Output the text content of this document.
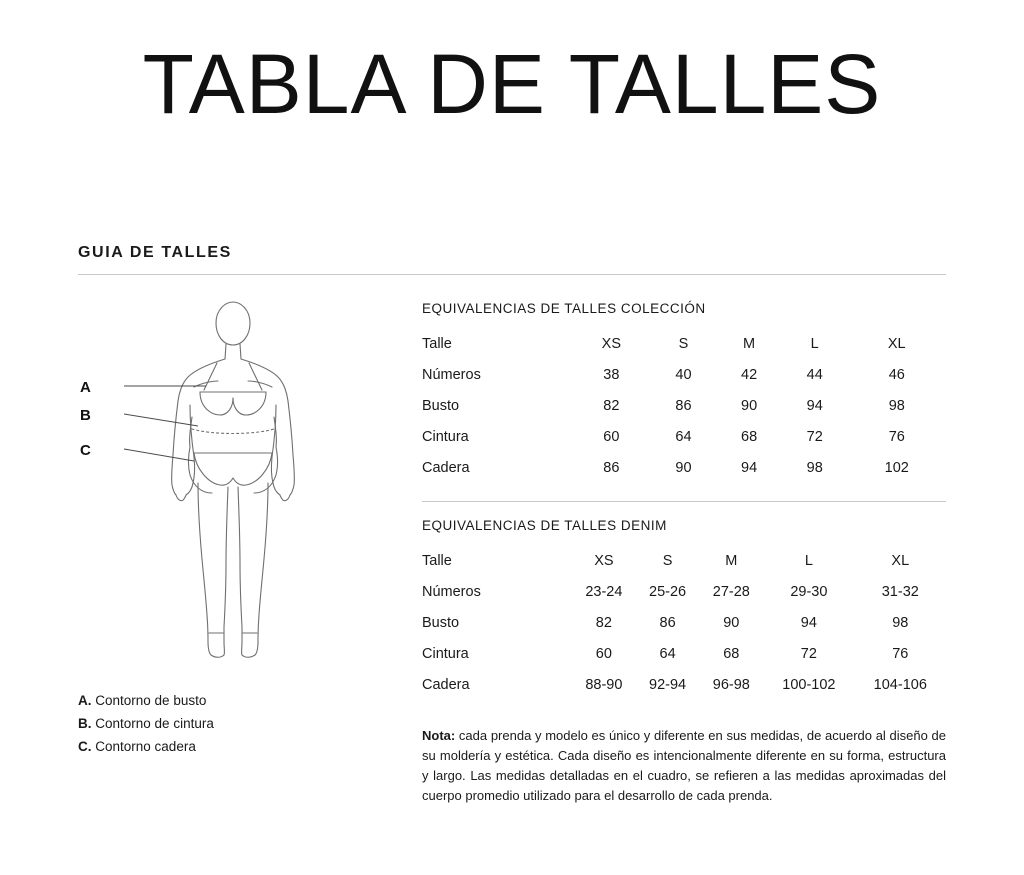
TABLA DE TALLES
GUIA DE TALLES
A
B
C
A. Contorno de busto
B. Contorno de cintura
C. Contorno cadera
EQUIVALENCIAS DE TALLES COLECCIÓN
Talle	XS	S	M	L	XL
Números	38	40	42	44	46
Busto	82	86	90	94	98
Cintura	60	64	68	72	76
Cadera	86	90	94	98	102
EQUIVALENCIAS DE TALLES DENIM
Talle	XS	S	M	L	XL
Números	23-24	25-26	27-28	29-30	31-32
Busto	82	86	90	94	98
Cintura	60	64	68	72	76
Cadera	88-90	92-94	96-98	100-102	104-106
Nota: cada prenda y modelo es único y diferente en sus medidas, de acuerdo al diseño de su moldería y estética. Cada diseño es intencionalmente diferente en su forma, estructura y largo. Las medidas detalladas en el cuadro, se refieren a las medidas aproximadas del cuerpo promedio utilizado para el desarrollo de cada prenda.
